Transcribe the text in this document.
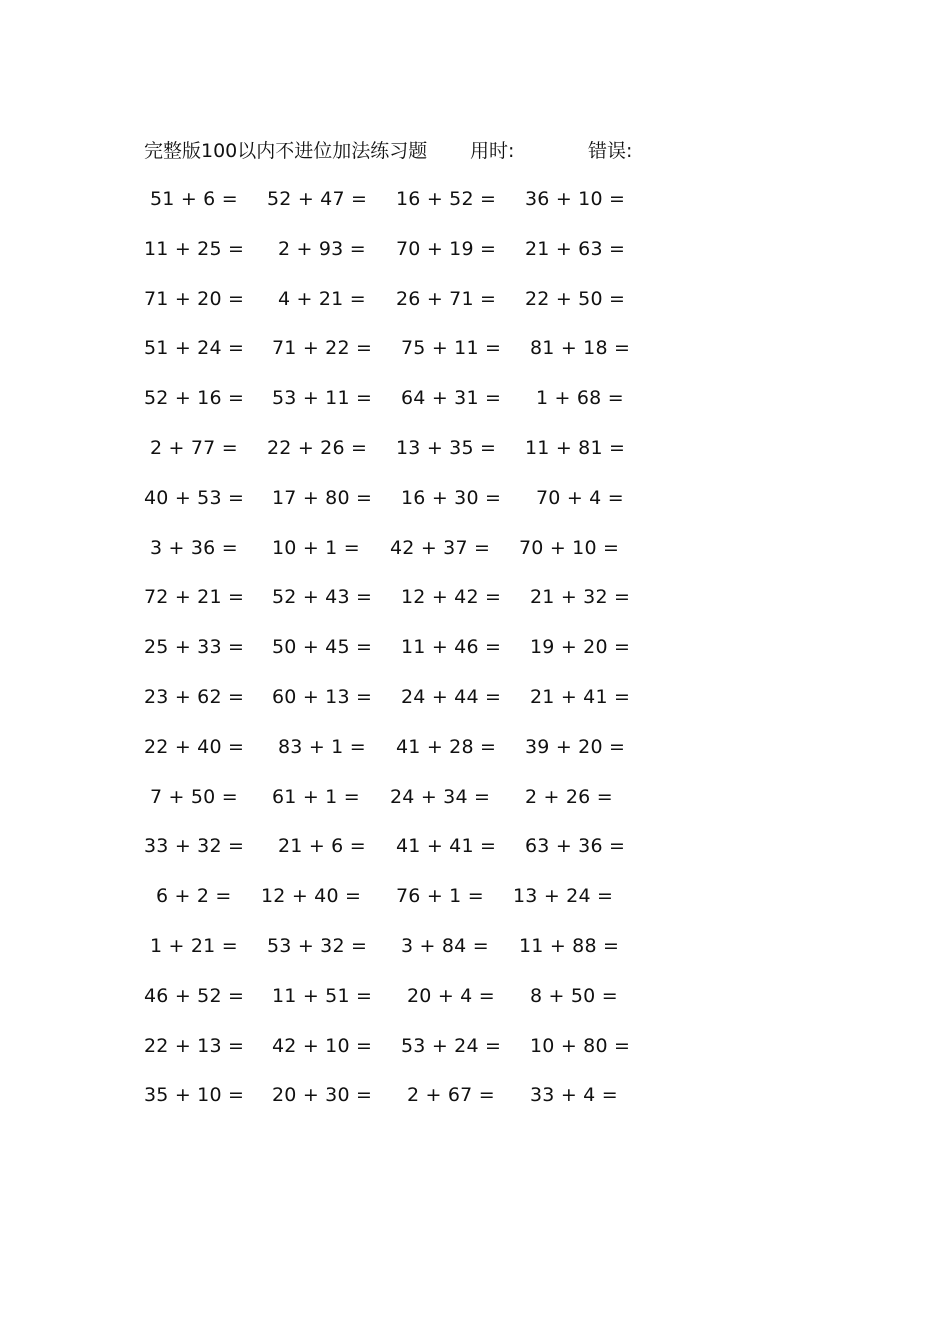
完整版100以内不进位加法练习题 用时:	错误:
51 + 6 = 52 + 47 = 16 + 52 = 36 + 10 =
11 + 25 = 2 + 93 = 70 + 19 = 21 + 63 =
71 + 20 = 4 + 21 = 26 + 71 = 22 + 50 =
51 + 24 = 71 + 22 = 75 + 11 = 81 + 18 =
52 + 16 = 53 + 11 = 64 + 31 = 1 + 68 =
2 + 77 = 22 + 26 = 13 + 35 = 11 + 81 =
40 + 53 = 17 + 80 = 16 + 30 = 70 + 4 =
3 + 36 = 10 + 1 = 42 + 37 = 70 + 10 =
72 + 21 = 52 + 43 = 12 + 42 = 21 + 32 =
25 + 33 = 50 + 45 = 11 + 46 = 19 + 20 =
23 + 62 = 60 + 13 = 24 + 44 = 21 + 41 =
22 + 40 = 83 + 1 = 41 + 28 = 39 + 20 =
7 + 50 = 61 + 1 = 24 + 34 = 2 + 26 =
33 + 32 = 21 + 6 = 41 + 41 = 63 + 36 =
6 + 2 = 12 + 40 = 76 + 1 = 13 + 24 =
1 + 21 = 53 + 32 = 3 + 84 = 11 + 88 =
46 + 52 = 11 + 51 = 20 + 4 = 8 + 50 =
22 + 13 = 42 + 10 = 53 + 24 = 10 + 80 =
35 + 10 = 20 + 30 = 2 + 67 = 33 + 4 =
